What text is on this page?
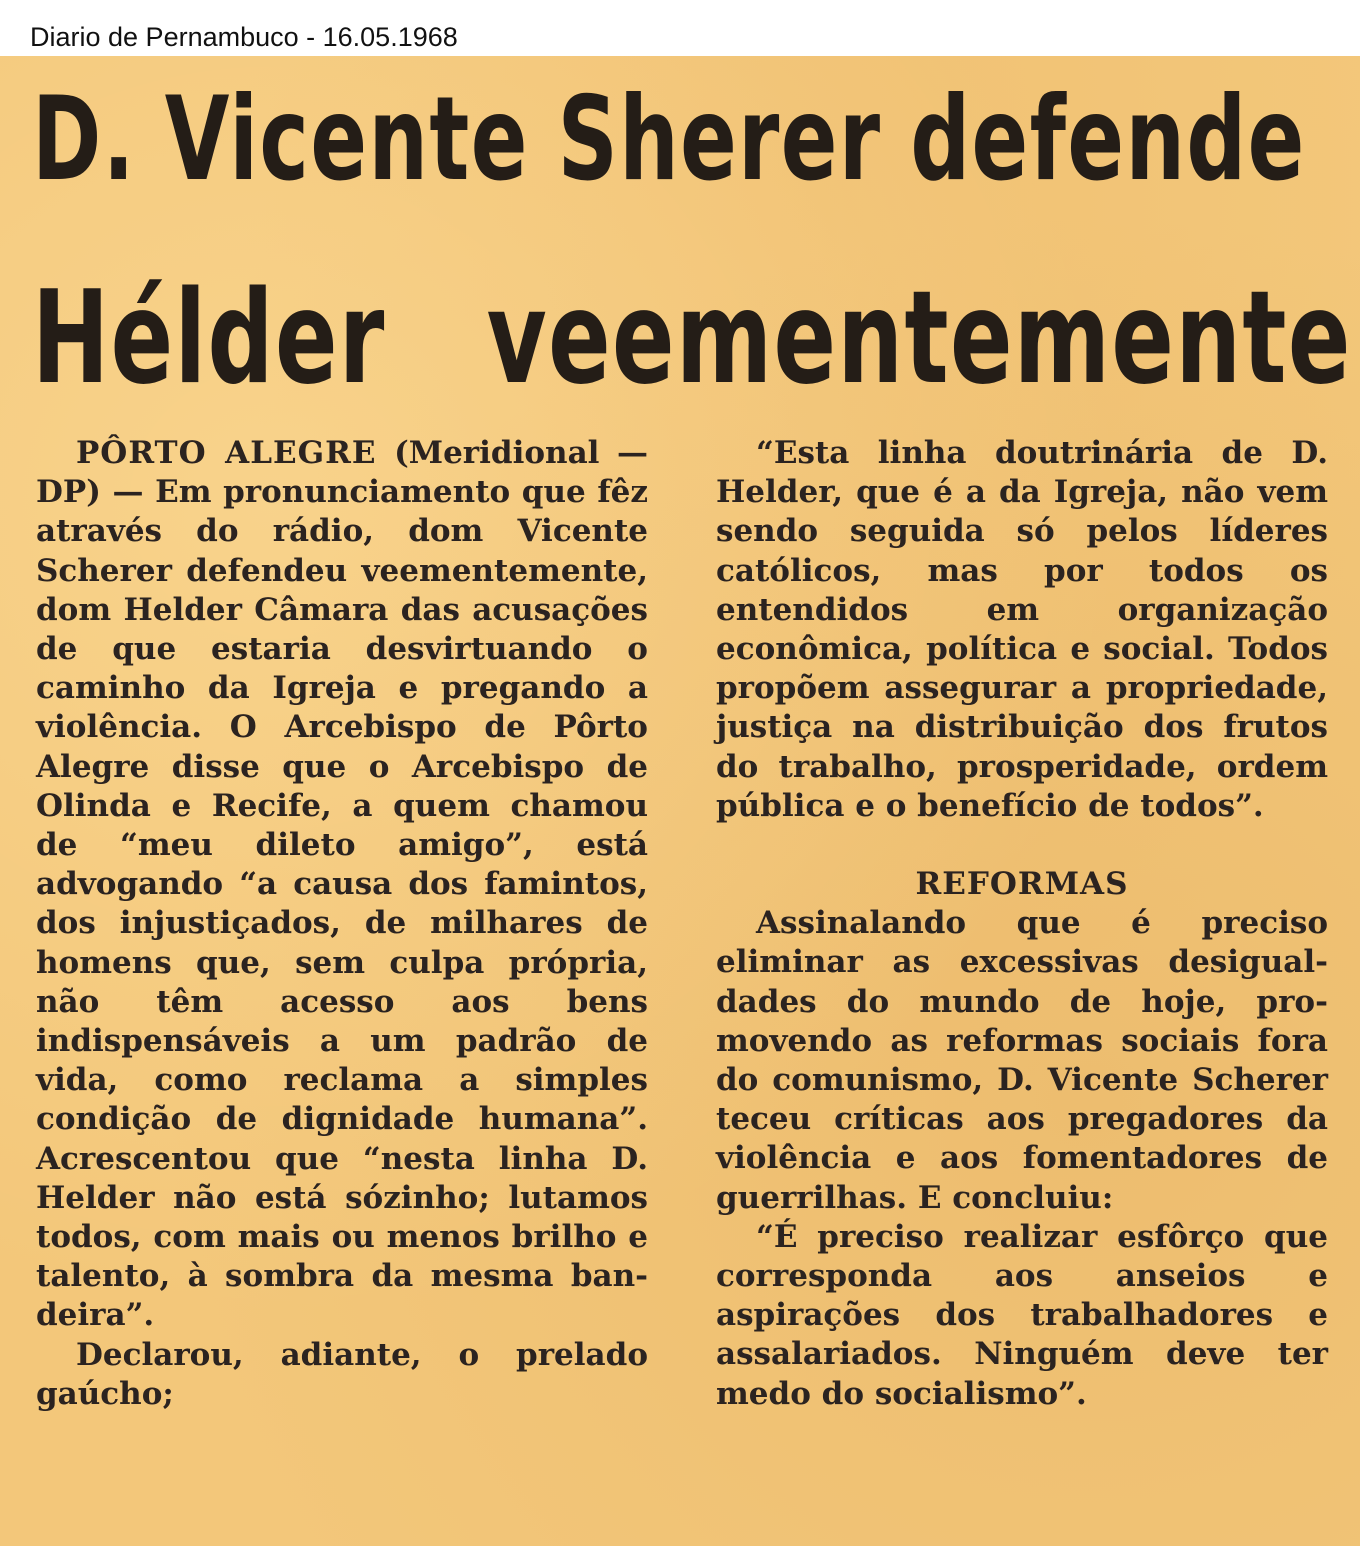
Diario de Pernambuco - 16.05.1968
D. Vicente Sherer defende
Hélder veementemente

PÔRTO ALEGRE (Meridional — DP) — Em pronunciamento que fêz através do rádio, dom Vicente Scherer defendeu veementemente, dom Helder Câmara das acusações de que estaria desvirtuando o caminho da Igreja e pregando a violência. O Arcebispo de Pôrto Alegre disse que o Arcebispo de Olinda e Recife, a quem chamou de “meu dileto amigo”, está advogando “a causa dos famintos, dos injustiçados, de milhares de homens que, sem culpa própria, não têm acesso aos bens indispensáveis a um padrão de vida, como reclama a simples condição de dignidade humana”. Acrescentou que “nesta linha D. Helder não está sózinho; lutamos todos, com mais ou menos brilho e talento, à sombra da mesma bandeira”.

Declarou, adiante, o prelado gaúcho;

“Esta linha doutrinária de D. Helder, que é a da Igreja, não vem sendo seguida só pelos líderes católicos, mas por todos os entendidos em organização econômica, política e social. Todos propõem assegurar a propriedade, justiça na distribuição dos frutos do trabalho, prosperidade, ordem pública e o benefício de todos”.

REFORMAS

Assinalando que é preciso eliminar as excessivas desigualdades do mundo de hoje, promovendo as reformas sociais fora do comunismo, D. Vicente Scherer teceu críticas aos pregadores da violência e aos fomentadores de guerrilhas. E concluiu:

“É preciso realizar esfôrço que corresponda aos anseios e aspirações dos trabalhadores e assalariados. Ninguém deve ter medo do socialismo”.
